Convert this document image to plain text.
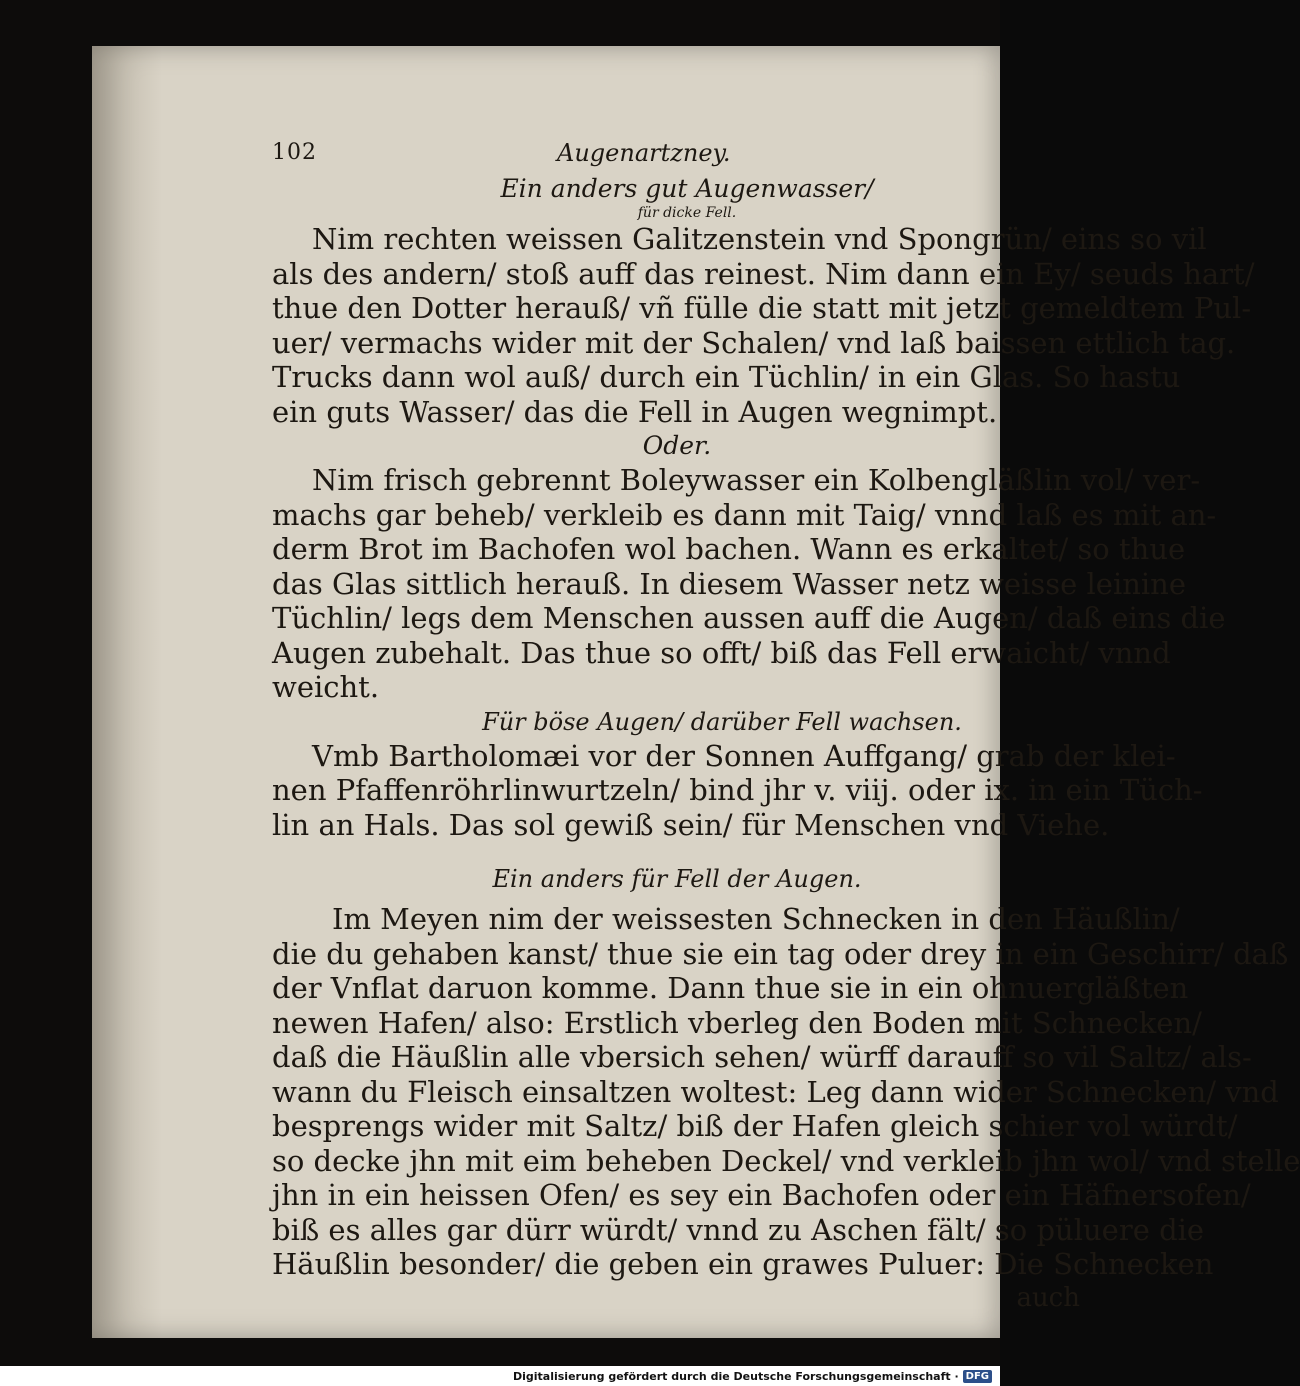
102	Augenartzney.

Ein anders gut Augenwasser/

für dicke Fell.

Nim rechten weissen Galitzenstein vnd Spongrün/ eins so vil
als des andern/ stoß auff das reinest. Nim dann ein Ey/ seuds hart/
thue den Dotter herauß/ vñ fülle die statt mit jetzt gemeldtem Pul-
uer/ vermachs wider mit der Schalen/ vnd laß baissen ettlich tag.
Trucks dann wol auß/ durch ein Tüchlin/ in ein Glas. So hastu
ein guts Wasser/ das die Fell in Augen wegnimpt.

Oder.

Nim frisch gebrennt Boleywasser ein Kolbengläßlin vol/ ver-
machs gar beheb/ verkleib es dann mit Taig/ vnnd laß es mit an-
derm Brot im Bachofen wol bachen. Wann es erkaltet/ so thue
das Glas sittlich herauß. In diesem Wasser netz weisse leinine
Tüchlin/ legs dem Menschen aussen auff die Augen/ daß eins die
Augen zubehalt. Das thue so offt/ biß das Fell erwaicht/ vnnd
weicht.

Für böse Augen/ darüber Fell wachsen.

Vmb Bartholomæi vor der Sonnen Auffgang/ grab der klei-
nen Pfaffenröhrlinwurtzeln/ bind jhr v. viij. oder ix. in ein Tüch-
lin an Hals. Das sol gewiß sein/ für Menschen vnd Viehe.

Ein anders für Fell der Augen.

Im Meyen nim der weissesten Schnecken in den Häußlin/
die du gehaben kanst/ thue sie ein tag oder drey in ein Geschirr/ daß
der Vnflat daruon komme. Dann thue sie in ein ohnuergläßten
newen Hafen/ also: Erstlich vberleg den Boden mit Schnecken/
daß die Häußlin alle vbersich sehen/ würff darauff so vil Saltz/ als-
wann du Fleisch einsaltzen woltest: Leg dann wider Schnecken/ vnd
besprengs wider mit Saltz/ biß der Hafen gleich schier vol würdt/
so decke jhn mit eim beheben Deckel/ vnd verkleib jhn wol/ vnd stelle
jhn in ein heissen Ofen/ es sey ein Bachofen oder ein Häfnersofen/
biß es alles gar dürr würdt/ vnnd zu Aschen fält/ so püluere die
Häußlin besonder/ die geben ein grawes Puluer: Die Schnecken
auch
Digitalisierung gefördert durch die Deutsche Forschungsgemeinschaft · DFG
